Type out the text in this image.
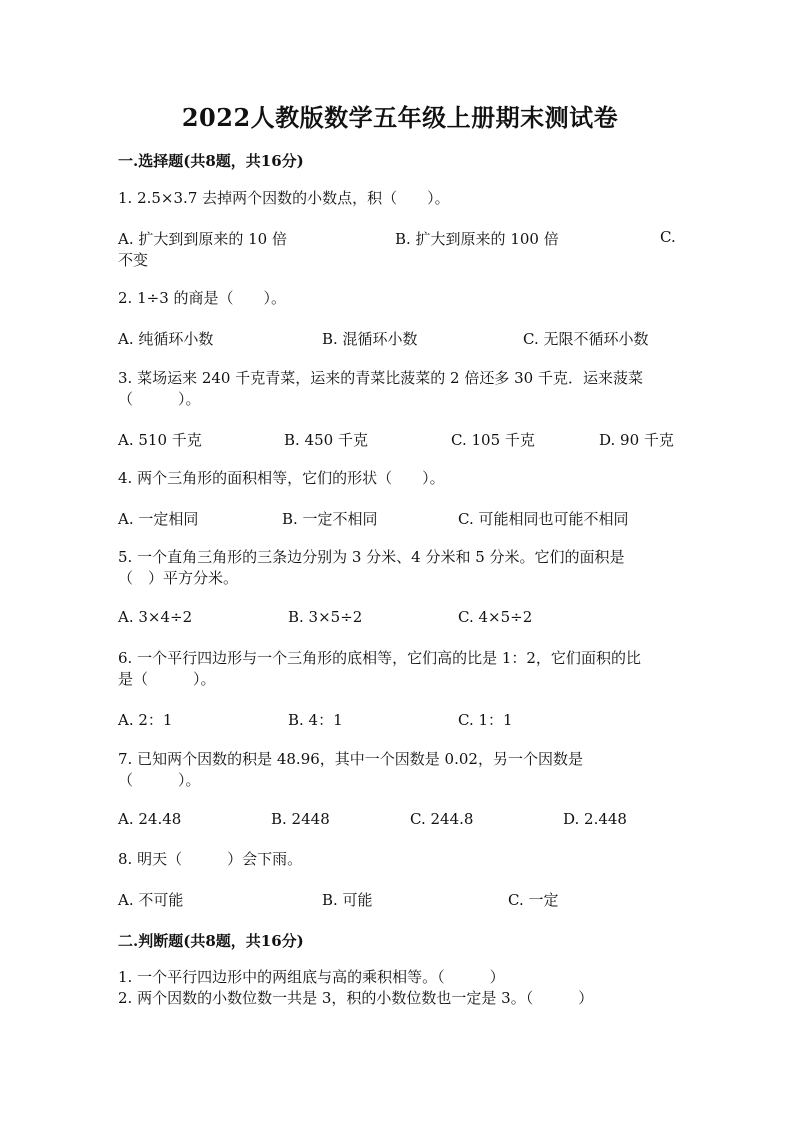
2022人教版数学五年级上册期末测试卷
一.选择题(共8题，共16分)
1. 2.5×3.7 去掉两个因数的小数点，积（　　）。
A. 扩大到到原来的 10 倍	B. 扩大到原来的 100 倍	C.
不变
2. 1÷3 的商是（　　）。
A. 纯循环小数	B. 混循环小数	C. 无限不循环小数
3. 菜场运来 240 千克青菜，运来的青菜比菠菜的 2 倍还多 30 千克．运来菠菜
（　　　）。
A. 510 千克	B. 450 千克	C. 105 千克	D. 90 千克
4. 两个三角形的面积相等，它们的形状（　　）。
A. 一定相同	B. 一定不相同	C. 可能相同也可能不相同
5. 一个直角三角形的三条边分别为 3 分米、4 分米和 5 分米。它们的面积是
（　）平方分米。
A. 3×4÷2	B. 3×5÷2	C. 4×5÷2
6. 一个平行四边形与一个三角形的底相等，它们高的比是 1：2，它们面积的比
是（　　　）。
A. 2：1	B. 4：1	C. 1：1
7. 已知两个因数的积是 48.96，其中一个因数是 0.02，另一个因数是
（　　　）。
A. 24.48	B. 2448	C. 244.8	D. 2.448
8. 明天（　　　）会下雨。
A. 不可能	B. 可能	C. 一定
二.判断题(共8题，共16分)
1. 一个平行四边形中的两组底与高的乘积相等。（　　　）
2. 两个因数的小数位数一共是 3，积的小数位数也一定是 3。（　　　）
